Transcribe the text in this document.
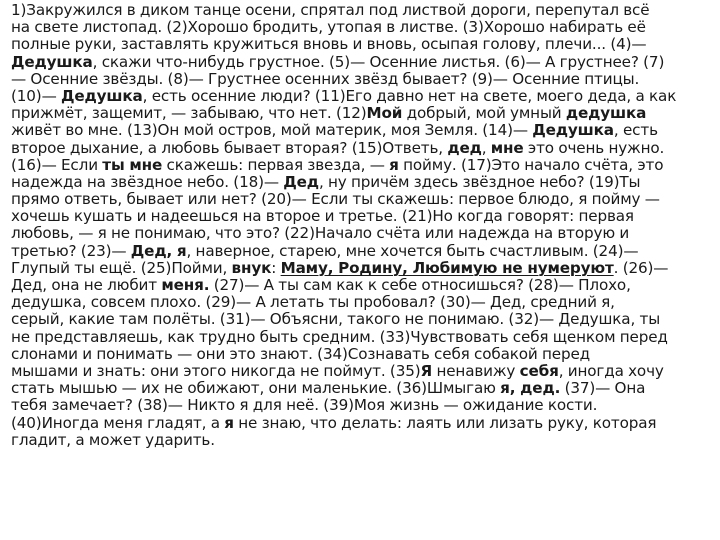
1)Закружился в диком танце осени, спрятал под листвой дороги, перепутал всё
на свете листопад. (2)Хорошо бродить, утопая в листве. (3)Хорошо набирать её
полные руки, заставлять кружиться вновь и вновь, осыпая голову, плечи... (4)—
Дедушка, скажи что-нибудь грустное. (5)— Осенние листья. (6)— А грустнее? (7)
— Осенние звёзды. (8)— Грустнее осенних звёзд бывает? (9)— Осенние птицы.
(10)— Дедушка, есть осенние люди? (11)Его давно нет на свете, моего деда, а как
прижмёт, защемит, — забываю, что нет. (12)Мой добрый, мой умный дедушка
живёт во мне. (13)Он мой остров, мой материк, моя Земля. (14)— Дедушка, есть
второе дыхание, а любовь бывает вторая? (15)Ответь, дед, мне это очень нужно.
(16)— Если ты мне скажешь: первая звезда, — я пойму. (17)Это начало счёта, это
надежда на звёздное небо. (18)— Дед, ну причём здесь звёздное небо? (19)Ты
прямо ответь, бывает или нет? (20)— Если ты скажешь: первое блюдо, я пойму —
хочешь кушать и надеешься на второе и третье. (21)Но когда говорят: первая
любовь, — я не понимаю, что это? (22)Начало счёта или надежда на вторую и
третью? (23)— Дед, я, наверное, старею, мне хочется быть счастливым. (24)—
Глупый ты ещё. (25)Пойми, внук: Маму, Родину, Любимую не нумеруют. (26)—
Дед, она не любит меня. (27)— А ты сам как к себе относишься? (28)— Плохо,
дедушка, совсем плохо. (29)— А летать ты пробовал? (30)— Дед, средний я,
серый, какие там полёты. (31)— Объясни, такого не понимаю. (32)— Дедушка, ты
не представляешь, как трудно быть средним. (33)Чувствовать себя щенком перед
слонами и понимать — они это знают. (34)Сознавать себя собакой перед
мышами и знать: они этого никогда не поймут. (35)Я ненавижу себя, иногда хочу
стать мышью — их не обижают, они маленькие. (36)Шмыгаю я, дед. (37)— Она
тебя замечает? (38)— Никто я для неё. (39)Моя жизнь — ожидание кости.
(40)Иногда меня гладят, а я не знаю, что делать: лаять или лизать руку, которая
гладит, а может ударить.
